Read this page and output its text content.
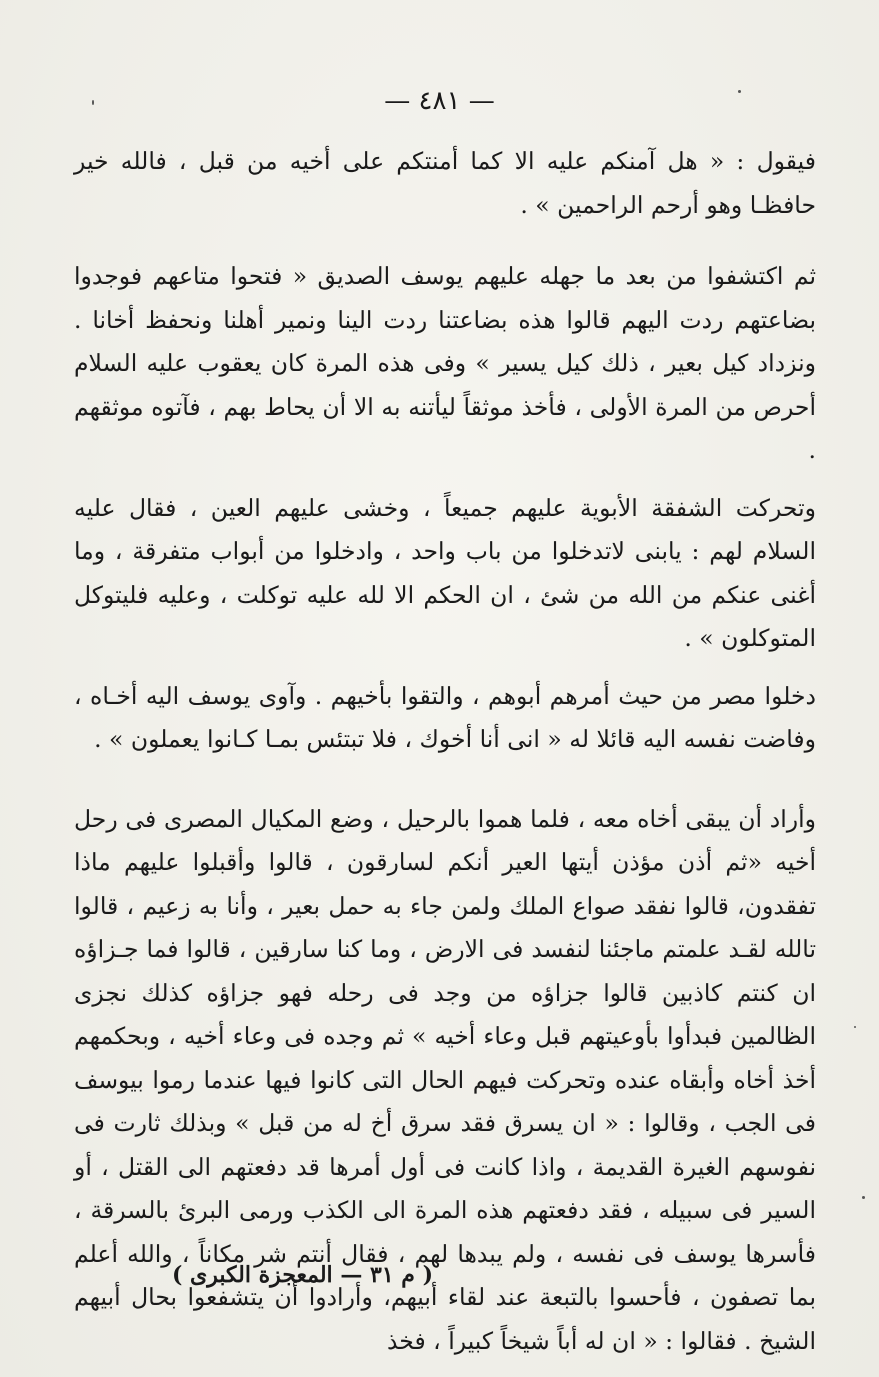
— ٤٨١ —

فيقول : « هل آمنكم عليه الا كما أمنتكم على أخيه من قبل ، فالله خير حافظـا وهو أرحم الراحمين » .

ثم اكتشفوا من بعد ما جهله عليهم يوسف الصديق « فتحوا متاعهم فوجدوا بضاعتهم ردت اليهم قالوا هذه بضاعتنا ردت الينا ونمير أهلنا ونحفظ أخانا . ونزداد كيل بعير ، ذلك كيل يسير » وفى هذه المرة كان يعقوب عليه السلام أحرص من المرة الأولى ، فأخذ موثقاً ليأتنه به الا أن يحاط بهم ، فآتوه موثقهم .

وتحركت الشفقة الأبوية عليهم جميعاً ، وخشى عليهم العين ، فقال عليه السلام لهم : يابنى لاتدخلوا من باب واحد ، وادخلوا من أبواب متفرقة ، وما أغنى عنكم من الله من شئ ، ان الحكم الا لله عليه توكلت ، وعليه فليتوكل المتوكلون » .

دخلوا مصر من حيث أمرهم أبوهم ، والتقوا بأخيهم . وآوى يوسف اليه أخـاه ، وفاضت نفسه اليه قائلا له « انى أنا أخوك ، فلا تبتئس بمـا كـانوا يعملون » .

وأراد أن يبقى أخاه معه ، فلما هموا بالرحيل ، وضع المكيال المصرى فى رحل أخيه «ثم أذن مؤذن أيتها العير أنكم لسارقون ، قالوا وأقبلوا عليهم ماذا تفقدون، قالوا نفقد صواع الملك ولمن جاء به حمل بعير ، وأنا به زعيم ، قالوا تالله لقـد علمتم ماجئنا لنفسد فى الارض ، وما كنا سارقين ، قالوا فما جـزاؤه ان كنتم كاذبين قالوا جزاؤه من وجد فى رحله فهو جزاؤه كذلك نجزى الظالمين فبدأوا بأوعيتهم قبل وعاء أخيه » ثم وجده فى وعاء أخيه ، وبحكمهم أخذ أخاه وأبقاه عنده وتحركت فيهم الحال التى كانوا فيها عندما رموا بيوسف فى الجب ، وقالوا : « ان يسرق فقد سرق أخ له من قبل » وبذلك ثارت فى نفوسهم الغيرة القديمة ، واذا كانت فى أول أمرها قد دفعتهم الى القتل ، أو السير فى سبيله ، فقد دفعتهم هذه المرة الى الكذب ورمى البرئ بالسرقة ، فأسرها يوسف فى نفسه ، ولم يبدها لهم ، فقال أنتم شر مكاناً ، والله أعلم بما تصفون ، فأحسوا بالتبعة عند لقاء أبيهم، وأرادوا أن يتشفعوا بحال أبيهم الشيخ . فقالوا : « ان له أباً شيخاً كبيراً ، فخذ

( م ٣١ — المعجزة الكبرى )
